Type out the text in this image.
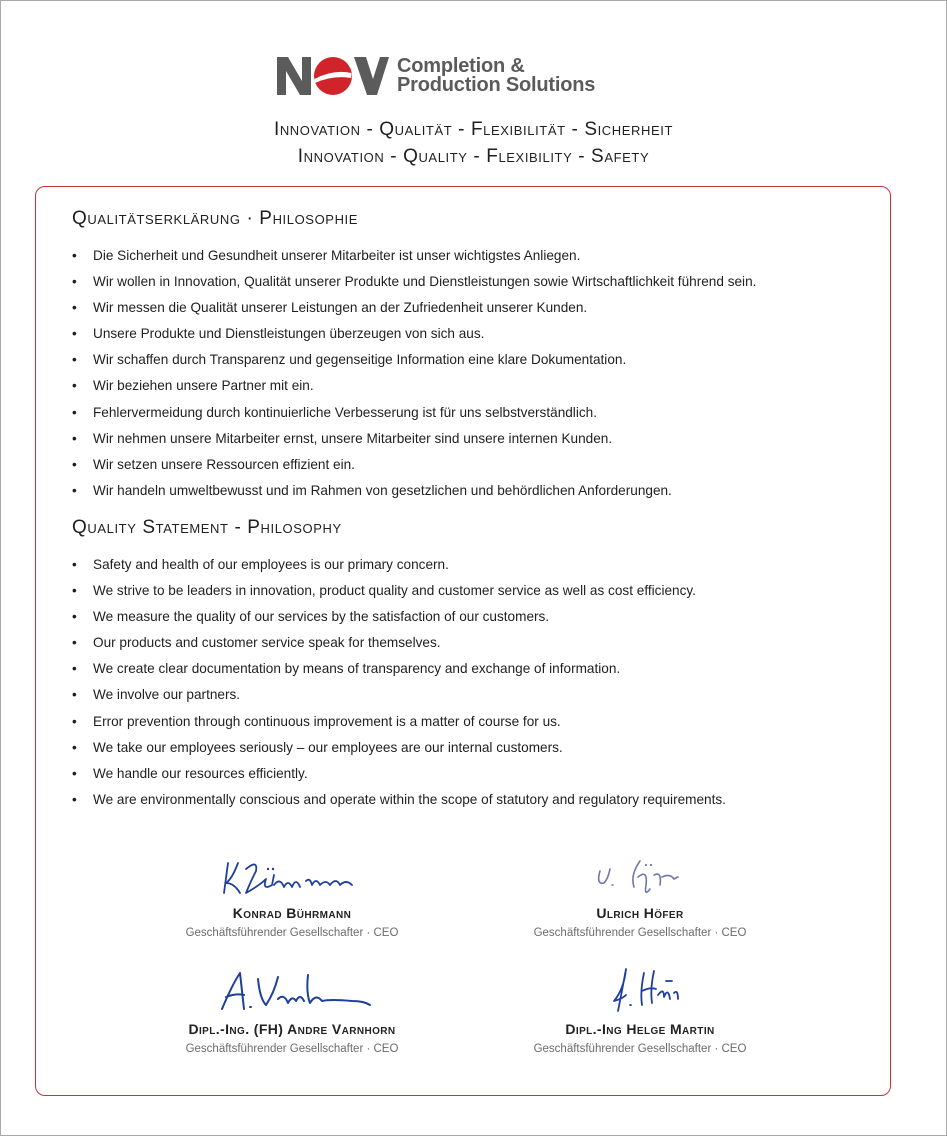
Completion &
Production Solutions
Innovation - Qualität - Flexibilität - Sicherheit
Innovation - Quality - Flexibility - Safety
Qualitätserklärung · Philosophie
• Die Sicherheit und Gesundheit unserer Mitarbeiter ist unser wichtigstes Anliegen.
• Wir wollen in Innovation, Qualität unserer Produkte und Dienstleistungen sowie Wirtschaftlichkeit führend sein.
• Wir messen die Qualität unserer Leistungen an der Zufriedenheit unserer Kunden.
• Unsere Produkte und Dienstleistungen überzeugen von sich aus.
• Wir schaffen durch Transparenz und gegenseitige Information eine klare Dokumentation.
• Wir beziehen unsere Partner mit ein.
• Fehlervermeidung durch kontinuierliche Verbesserung ist für uns selbstverständlich.
• Wir nehmen unsere Mitarbeiter ernst, unsere Mitarbeiter sind unsere internen Kunden.
• Wir setzen unsere Ressourcen effizient ein.
• Wir handeln umweltbewusst und im Rahmen von gesetzlichen und behördlichen Anforderungen.
Quality Statement - Philosophy
• Safety and health of our employees is our primary concern.
• We strive to be leaders in innovation, product quality and customer service as well as cost efficiency.
• We measure the quality of our services by the satisfaction of our customers.
• Our products and customer service speak for themselves.
• We create clear documentation by means of transparency and exchange of information.
• We involve our partners.
• Error prevention through continuous improvement is a matter of course for us.
• We take our employees seriously – our employees are our internal customers.
• We handle our resources efficiently.
• We are environmentally conscious and operate within the scope of statutory and regulatory requirements.
Konrad Bührmann
Geschäftsführender Gesellschafter · CEO
Ulrich Höfer
Geschäftsführender Gesellschafter · CEO
Dipl.-Ing. (FH) Andre Varnhorn
Geschäftsführender Gesellschafter · CEO
Dipl.-Ing Helge Martin
Geschäftsführender Gesellschafter · CEO
